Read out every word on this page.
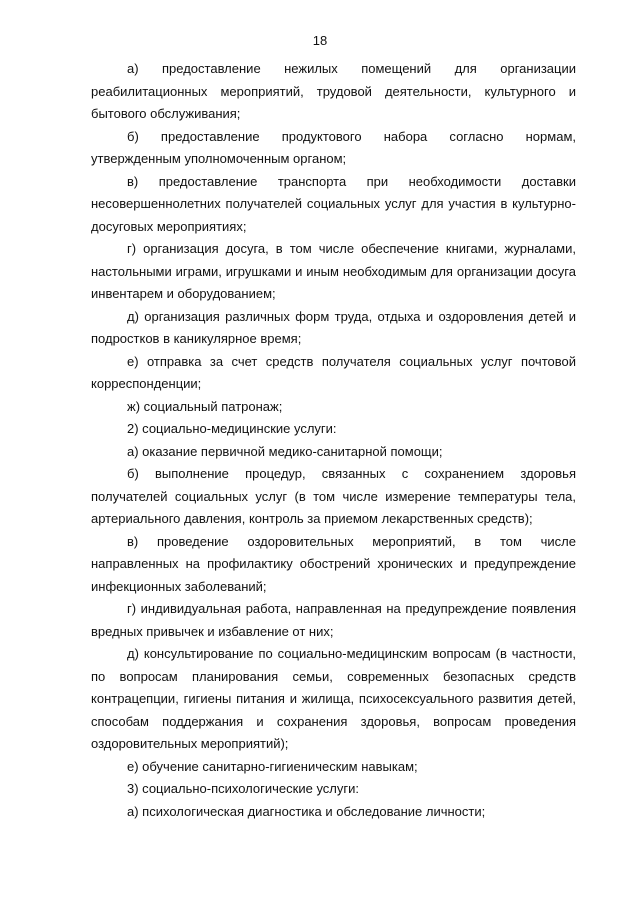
18

а) предоставление нежилых помещений для организации реабилитационных мероприятий, трудовой деятельности, культурного и бытового обслуживания;

б) предоставление продуктового набора согласно нормам, утвержденным уполномоченным органом;

в) предоставление транспорта при необходимости доставки несовершеннолетних получателей социальных услуг для участия в культурно-досуговых мероприятиях;

г) организация досуга, в том числе обеспечение книгами, журналами, настольными играми, игрушками и иным необходимым для организации досуга инвентарем и оборудованием;

д) организация различных форм труда, отдыха и оздоровления детей и подростков в каникулярное время;

е) отправка за счет средств получателя социальных услуг почтовой корреспонденции;

ж) социальный патронаж;

2) социально-медицинские услуги:

а) оказание первичной медико-санитарной помощи;

б) выполнение процедур, связанных с сохранением здоровья получателей социальных услуг (в том числе измерение температуры тела, артериального давления, контроль за приемом лекарственных средств);

в) проведение оздоровительных мероприятий, в том числе направленных на профилактику обострений хронических и предупреждение инфекционных заболеваний;

г) индивидуальная работа, направленная на предупреждение появления вредных привычек и избавление от них;

д) консультирование по социально-медицинским вопросам (в частности, по вопросам планирования семьи, современных безопасных средств контрацепции, гигиены питания и жилища, психосексуального развития детей, способам поддержания и сохранения здоровья, вопросам проведения оздоровительных мероприятий);

е) обучение санитарно-гигиеническим навыкам;

3) социально-психологические услуги:

а) психологическая диагностика и обследование личности;
